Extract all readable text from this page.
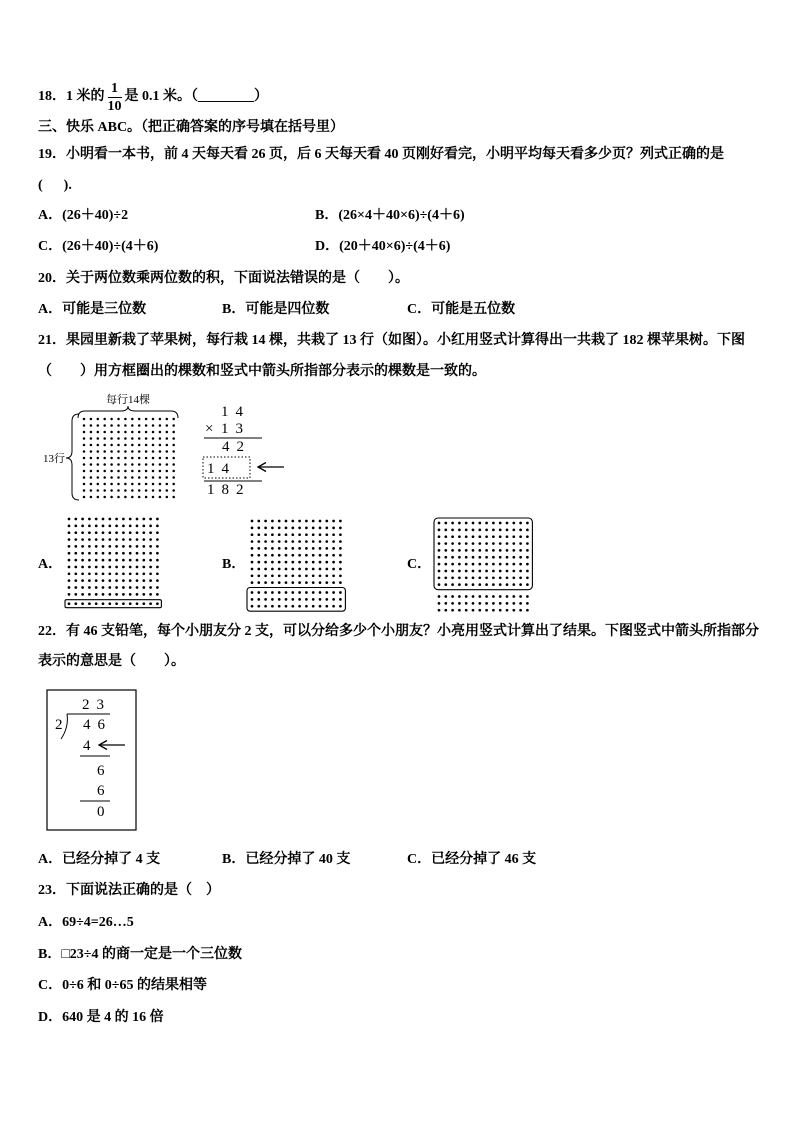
每行14棵
13行
14
× 13
42
14
182
23
2 46
4
6
6
0
18．1 米的 $\frac{1}{10}$ 是 0.1 米。（________）
三、快乐 ABC。（把正确答案的序号填在括号里）
19．小明看一本书，前 4 天每天看 26 页，后 6 天每天看 40 页刚好看完，小明平均每天看多少页？列式正确的是
(      ).
A．(26＋40)÷2	B．(26×4＋40×6)÷(4＋6)
C．(26＋40)÷(4＋6)	D．(20＋40×6)÷(4＋6)
20．关于两位数乘两位数的积，下面说法错误的是（　　）。
A．可能是三位数	B．可能是四位数	C．可能是五位数
21．果园里新栽了苹果树，每行栽 14 棵，共栽了 13 行（如图）。小红用竖式计算得出一共栽了 182 棵苹果树。下图
（　　）用方框圈出的棵数和竖式中箭头所指部分表示的棵数是一致的。
A．	B．	C．
22．有 46 支铅笔，每个小朋友分 2 支，可以分给多少个小朋友？小亮用竖式计算出了结果。下图竖式中箭头所指部分
表示的意思是（　　）。
A．已经分掉了 4 支	B．已经分掉了 40 支	C．已经分掉了 46 支
23．下面说法正确的是（　）
A．69÷4=26…5
B．□23÷4 的商一定是一个三位数
C．0÷6 和 0÷65 的结果相等
D．640 是 4 的 16 倍
